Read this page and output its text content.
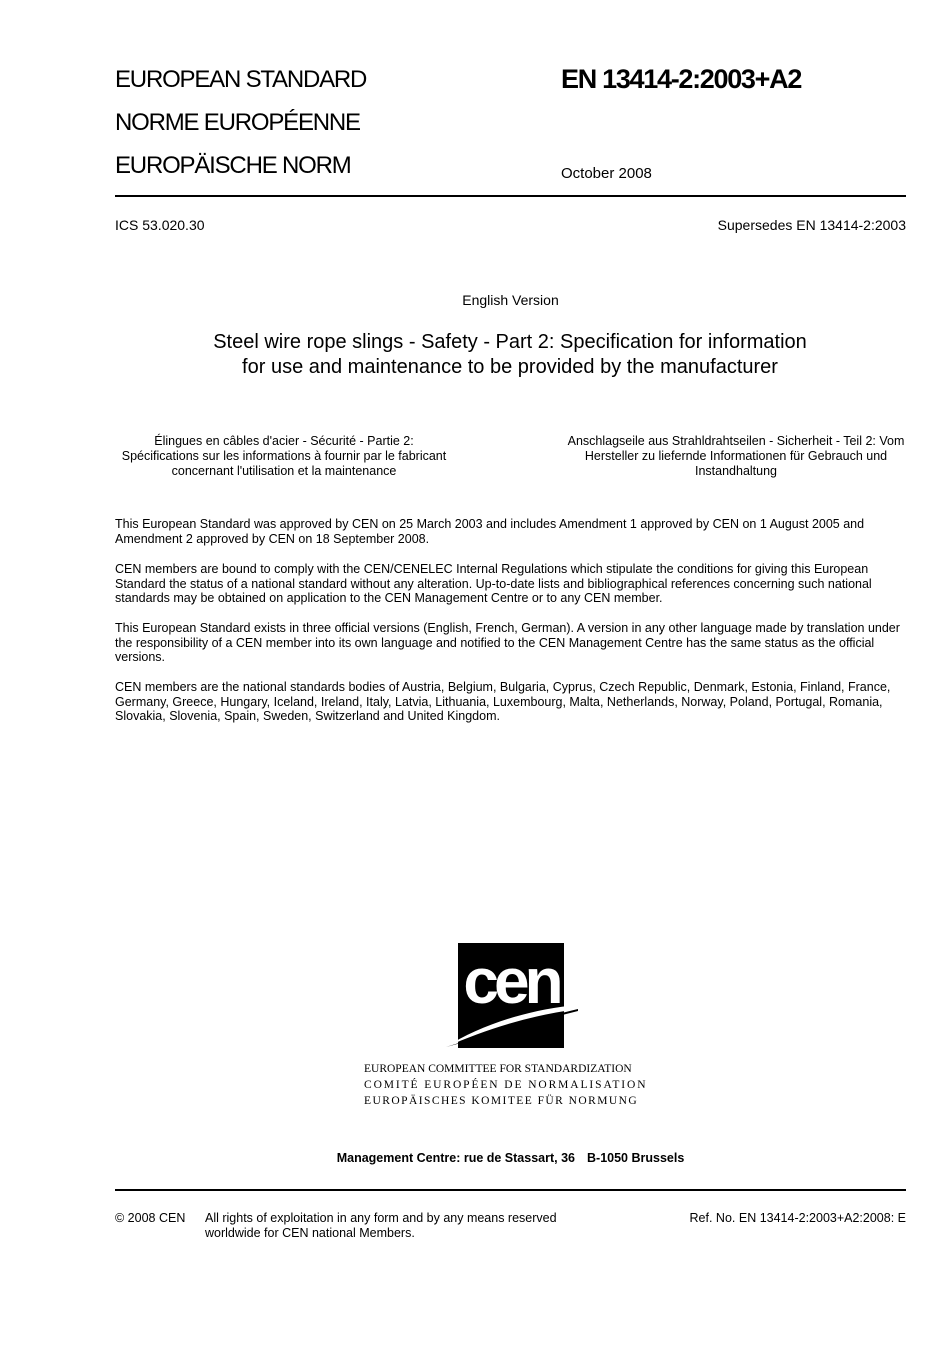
EUROPEAN STANDARD
NORME EUROPÉENNE
EUROPÄISCHE NORM
EN 13414-2:2003+A2
October 2008
ICS 53.020.30	Supersedes EN 13414-2:2003
English Version
Steel wire rope slings - Safety - Part 2: Specification for information for use and maintenance to be provided by the manufacturer
Élingues en câbles d'acier - Sécurité - Partie 2: Spécifications sur les informations à fournir par le fabricant concernant l'utilisation et la maintenance
Anschlagseile aus Strahldrahtseilen - Sicherheit - Teil 2: Vom Hersteller zu liefernde Informationen für Gebrauch und Instandhaltung
This European Standard was approved by CEN on 25 March 2003 and includes Amendment 1 approved by CEN on 1 August 2005 and Amendment 2 approved by CEN on 18 September 2008.
CEN members are bound to comply with the CEN/CENELEC Internal Regulations which stipulate the conditions for giving this European Standard the status of a national standard without any alteration. Up-to-date lists and bibliographical references concerning such national standards may be obtained on application to the CEN Management Centre or to any CEN member.
This European Standard exists in three official versions (English, French, German). A version in any other language made by translation under the responsibility of a CEN member into its own language and notified to the CEN Management Centre has the same status as the official versions.
CEN members are the national standards bodies of Austria, Belgium, Bulgaria, Cyprus, Czech Republic, Denmark, Estonia, Finland, France, Germany, Greece, Hungary, Iceland, Ireland, Italy, Latvia, Lithuania, Luxembourg, Malta, Netherlands, Norway, Poland, Portugal, Romania, Slovakia, Slovenia, Spain, Sweden, Switzerland and United Kingdom.
cen
EUROPEAN COMMITTEE FOR STANDARDIZATION
COMITÉ EUROPÉEN DE NORMALISATION
EUROPÄISCHES KOMITEE FÜR NORMUNG
Management Centre: rue de Stassart, 36 B-1050 Brussels
© 2008 CEN All rights of exploitation in any form and by any means reserved
worldwide for CEN national Members.
Ref. No. EN 13414-2:2003+A2:2008: E
